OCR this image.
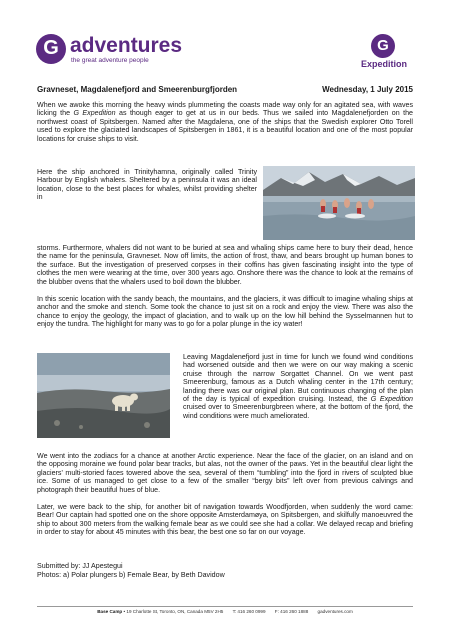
G adventures
the great adventure people
G
Expedition
Gravneset, Magdalenefjord and Smeerenburgfjorden	Wednesday, 1 July 2015

When we awoke this morning the heavy winds plummeting the coasts made way only for an agitated sea, with waves licking the G Expedition as though eager to get at us in our beds. Thus we sailed into Magdalenefjorden on the northwest coast of Spitsbergen. Named after the Magdalena, one of the ships that the Swedish explorer Otto Torell used to explore the glaciated landscapes of Spitsbergen in 1861, it is a beautiful location and one of the most popular locations for cruise ships to visit.

Here the ship anchored in Trinityhamna, originally called Trinity Harbour by English whalers. Sheltered by a peninsula it was an ideal location, close to the best places for whales, whilst providing shelter in

storms. Furthermore, whalers did not want to be buried at sea and whaling ships came here to bury their dead, hence the name for the peninsula, Gravneset. Now off limits, the action of frost, thaw, and bears brought up human bones to the surface. But the investigation of preserved corpses in their coffins has given fascinating insight into the type of clothes the men were wearing at the time, over 300 years ago. Onshore there was the chance to look at the remains of the blubber ovens that the whalers used to boil down the blubber.

In this scenic location with the sandy beach, the mountains, and the glaciers, it was difficult to imagine whaling ships at anchor and the smoke and stench. Some took the chance to just sit on a rock and enjoy the view. There was also the chance to enjoy the geology, the impact of glaciation, and to walk up on the low hill behind the Sysselmannen hut to enjoy the tundra. The highlight for many was to go for a polar plunge in the icy water!

Leaving Magdalenefjord just in time for lunch we found wind conditions had worsened outside and then we were on our way making a scenic cruise through the narrow Sorgattet Channel. On we went past Smeerenburg, famous as a Dutch whaling center in the 17th century; landing there was our original plan. But continuous changing of the plan of the day is typical of expedition cruising. Instead, the G Expedition cruised over to Smeerenburgbreen where, at the bottom of the fjord, the wind conditions were much ameliorated.

We went into the zodiacs for a chance at another Arctic experience. Near the face of the glacier, on an island and on the opposing moraine we found polar bear tracks, but alas, not the owner of the paws. Yet in the beautiful clear light the glaciers' multi-storied faces towered above the sea, several of them “tumbling” into the fjord in rivers of sculpted blue ice. Some of us managed to get close to a few of the smaller “bergy bits” left over from previous calvings and photograph their beautiful hues of blue.

Later, we were back to the ship, for another bit of navigation towards Woodfjorden, when suddenly the word came: Bear! Our captain had spotted one on the shore opposite Amsterdamøya, on Spitsbergen, and skilfully manoeuvred the ship to about 300 meters from the walking female bear as we could see she had a collar. We delayed recap and briefing in order to stay for about 45 minutes with this bear, the best one so far on our voyage.

Submitted by: JJ Apestegui

Photos: a) Polar plungers b) Female Bear, by Beth Davidow

Base Camp • 19 Charlotte St, Toronto, ON, Canada M5V 2H5 T: 416 260 0999 F: 416 260 1888 gadventures.com
